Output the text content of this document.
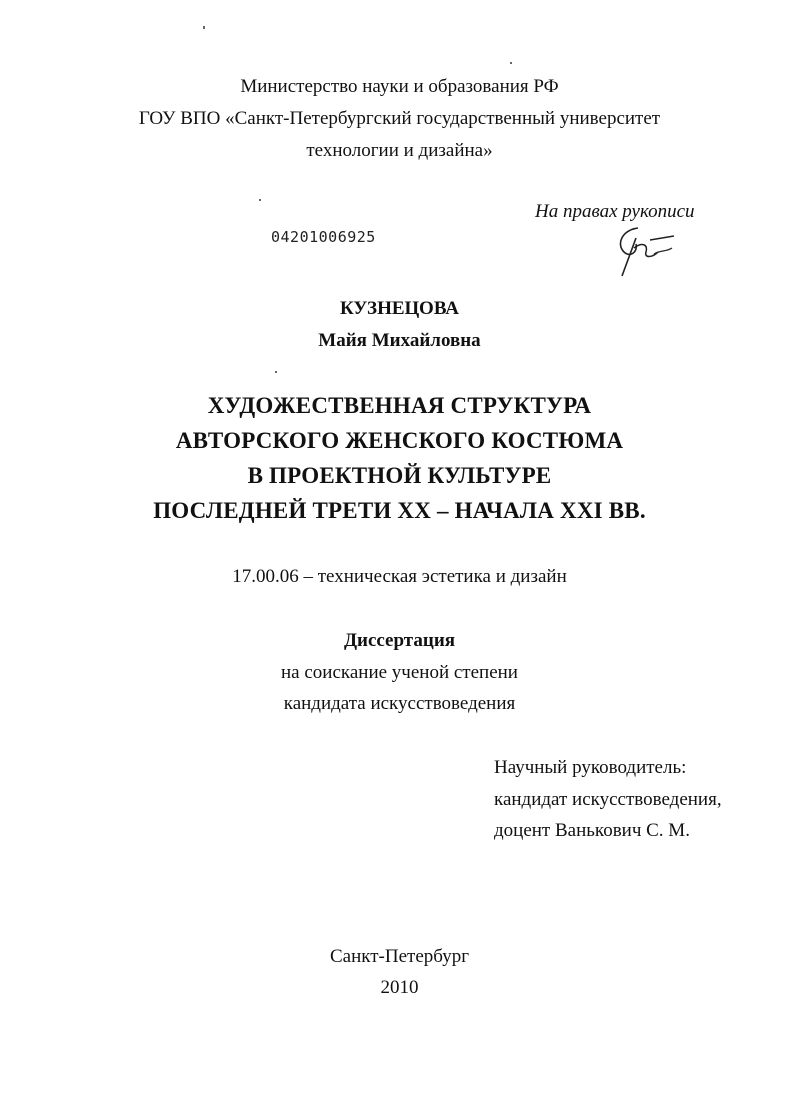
Министерство науки и образования РФ
ГОУ ВПО «Санкт-Петербургский государственный университет
технологии и дизайна»
На правах рукописи
04201006925
КУЗНЕЦОВА
Майя Михайловна
ХУДОЖЕСТВЕННАЯ СТРУКТУРА
АВТОРСКОГО ЖЕНСКОГО КОСТЮМА
В ПРОЕКТНОЙ КУЛЬТУРЕ
ПОСЛЕДНЕЙ ТРЕТИ XX – НАЧАЛА XXI ВВ.
17.00.06 – техническая эстетика и дизайн
Диссертация
на соискание ученой степени
кандидата искусствоведения
Научный руководитель:
кандидат искусствоведения,
доцент Ванькович С. М.
Санкт-Петербург
2010
